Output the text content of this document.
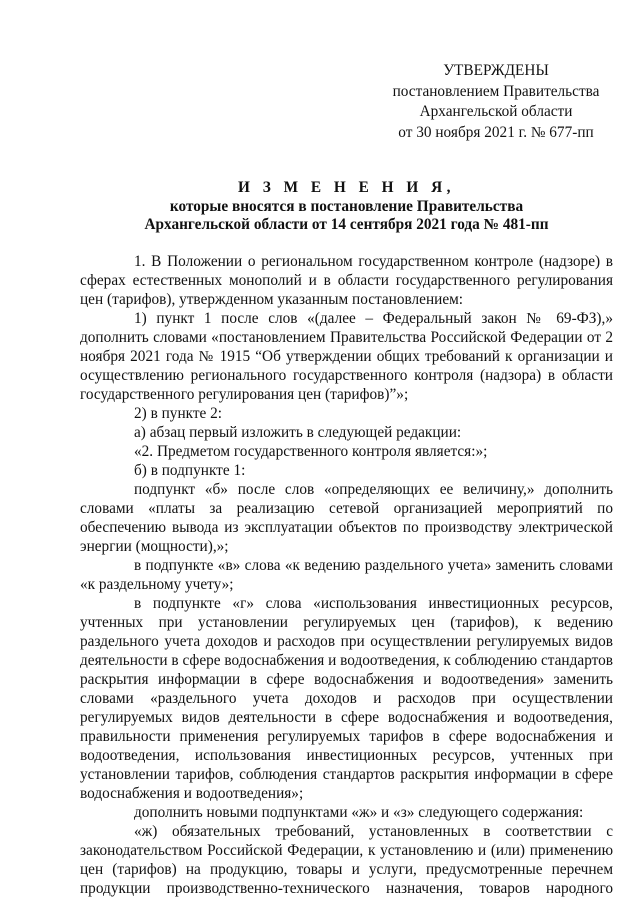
УТВЕРЖДЕНЫ
постановлением Правительства
Архангельской области
от 30 ноября 2021 г. № 677-пп
И З М Е Н Е Н И Я,
которые вносятся в постановление Правительства
Архангельской области от 14 сентября 2021 года № 481-пп

1. В Положении о региональном государственном контроле (надзоре) в сферах естественных монополий и в области государственного регулирования цен (тарифов), утвержденном указанным постановлением:

1) пункт 1 после слов «(далее – Федеральный закон № 69-ФЗ),» дополнить словами «постановлением Правительства Российской Федерации от 2 ноября 2021 года № 1915 “Об утверждении общих требований к организации и осуществлению регионального государственного контроля (надзора) в области государственного регулирования цен (тарифов)”»;

2) в пункте 2:

а) абзац первый изложить в следующей редакции:

«2. Предметом государственного контроля является:»;

б) в подпункте 1:

подпункт «б» после слов «определяющих ее величину,» дополнить словами «платы за реализацию сетевой организацией мероприятий по обеспечению вывода из эксплуатации объектов по производству электрической энергии (мощности),»;

в подпункте «в» слова «к ведению раздельного учета» заменить словами «к раздельному учету»;

в подпункте «г» слова «использования инвестиционных ресурсов, учтенных при установлении регулируемых цен (тарифов), к ведению раздельного учета доходов и расходов при осуществлении регулируемых видов деятельности в сфере водоснабжения и водоотведения, к соблюдению стандартов раскрытия информации в сфере водоснабжения и водоотведения» заменить словами «раздельного учета доходов и расходов при осуществлении регулируемых видов деятельности в сфере водоснабжения и водоотведения, правильности применения регулируемых тарифов в сфере водоснабжения и водоотведения, использования инвестиционных ресурсов, учтенных при установлении тарифов, соблюдения стандартов раскрытия информации в сфере водоснабжения и водоотведения»;

дополнить новыми подпунктами «ж» и «з» следующего содержания:

«ж) обязательных требований, установленных в соответствии с законодательством Российской Федерации, к установлению и (или) применению цен (тарифов) на продукцию, товары и услуги, предусмотренные перечнем продукции производственно-технического назначения, товаров народного
